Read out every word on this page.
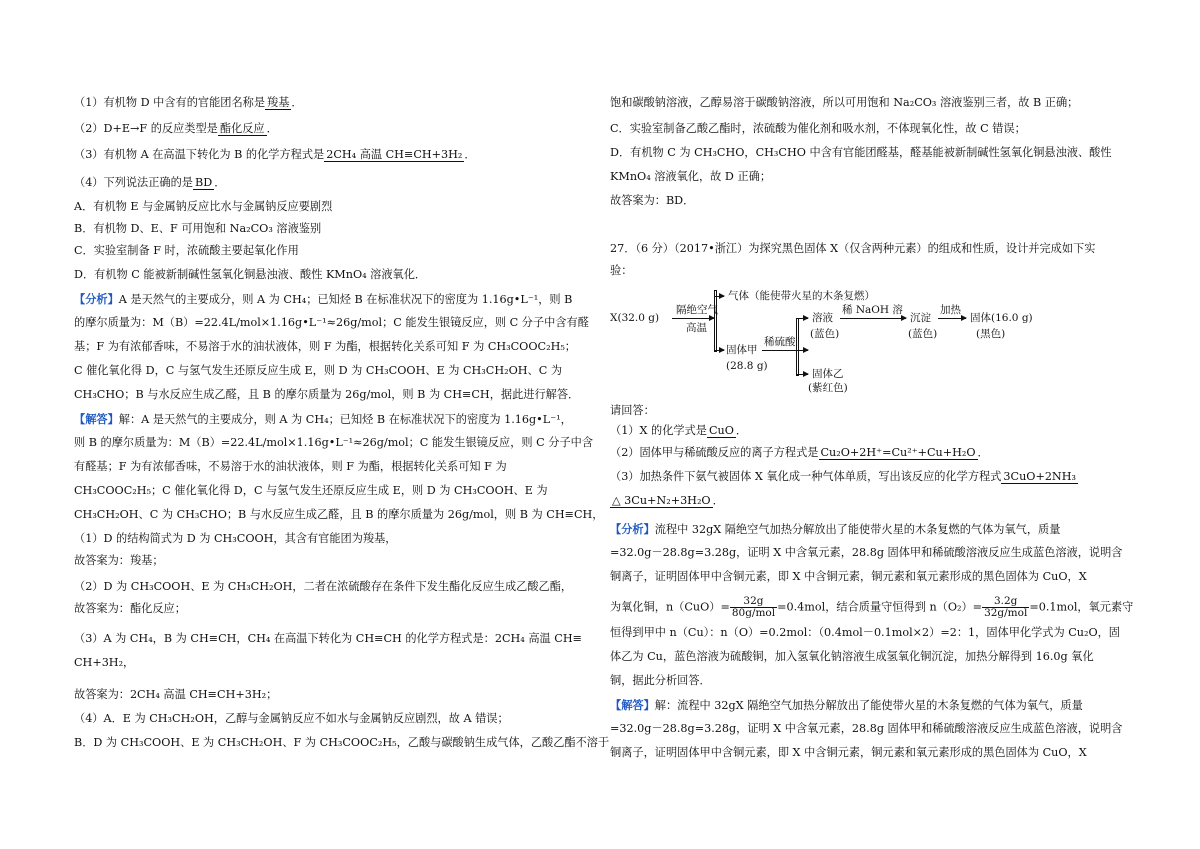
（1）有机物 D 中含有的官能团名称是 羧基 ．
（2）D+E→F 的反应类型是 酯化反应 ．
（3）有机物 A 在高温下转化为 B 的化学方程式是 2CH₄ 高温 CH≡CH+3H₂ ．
（4）下列说法正确的是 BD ．
A．有机物 E 与金属钠反应比水与金属钠反应要剧烈
B．有机物 D、E、F 可用饱和 Na₂CO₃ 溶液鉴别
C．实验室制备 F 时，浓硫酸主要起氧化作用
D．有机物 C 能被新制碱性氢氧化铜悬浊液、酸性 KMnO₄ 溶液氧化．
【分析】A 是天然气的主要成分，则 A 为 CH₄；已知烃 B 在标准状况下的密度为 1.16g•L⁻¹，则 B
的摩尔质量为：M（B）=22.4L/mol×1.16g•L⁻¹≈26g/mol；C 能发生银镜反应，则 C 分子中含有醛
基；F 为有浓郁香味，不易溶于水的油状液体，则 F 为酯，根据转化关系可知 F 为 CH₃COOC₂H₅；
C 催化氧化得 D，C 与氢气发生还原反应生成 E，则 D 为 CH₃COOH、E 为 CH₃CH₂OH、C 为
CH₃CHO；B 与水反应生成乙醛，且 B 的摩尔质量为 26g/mol，则 B 为 CH≡CH，据此进行解答．
【解答】解：A 是天然气的主要成分，则 A 为 CH₄；已知烃 B 在标准状况下的密度为 1.16g•L⁻¹，
则 B 的摩尔质量为：M（B）=22.4L/mol×1.16g•L⁻¹≈26g/mol；C 能发生银镜反应，则 C 分子中含
有醛基；F 为有浓郁香味，不易溶于水的油状液体，则 F 为酯，根据转化关系可知 F 为
CH₃COOC₂H₅；C 催化氧化得 D，C 与氢气发生还原反应生成 E，则 D 为 CH₃COOH、E 为
CH₃CH₂OH、C 为 CH₃CHO；B 与水反应生成乙醛，且 B 的摩尔质量为 26g/mol，则 B 为 CH≡CH，
（1）D 的结构简式为 D 为 CH₃COOH，其含有官能团为羧基，
故答案为：羧基；
（2）D 为 CH₃COOH、E 为 CH₃CH₂OH，二者在浓硫酸存在条件下发生酯化反应生成乙酸乙酯，
故答案为：酯化反应；
（3）A 为 CH₄，B 为 CH≡CH，CH₄ 在高温下转化为 CH≡CH 的化学方程式是：2CH₄ 高温 CH≡
CH+3H₂，
故答案为：2CH₄ 高温 CH≡CH+3H₂；
（4）A．E 为 CH₃CH₂OH，乙醇与金属钠反应不如水与金属钠反应剧烈，故 A 错误；
B．D 为 CH₃COOH、E 为 CH₃CH₂OH、F 为 CH₃COOC₂H₅，乙酸与碳酸钠生成气体，乙酸乙酯不溶于
饱和碳酸钠溶液，乙醇易溶于碳酸钠溶液，所以可用饱和 Na₂CO₃ 溶液鉴别三者，故 B 正确；
C．实验室制备乙酸乙酯时，浓硫酸为催化剂和吸水剂，不体现氧化性，故 C 错误；
D．有机物 C 为 CH₃CHO，CH₃CHO 中含有官能团醛基，醛基能被新制碱性氢氧化铜悬浊液、酸性
KMnO₄ 溶液氧化，故 D 正确；
故答案为：BD．
27．（6 分）（2017•浙江）为探究黑色固体 X（仅含两种元素）的组成和性质，设计并完成如下实
验：
请回答：
（1）X 的化学式是 CuO ．
（2）固体甲与稀硫酸反应的离子方程式是 Cu₂O+2H⁺=Cu²⁺+Cu+H₂O ．
（3）加热条件下氨气被固体 X 氧化成一种气体单质，写出该反应的化学方程式 3CuO+2NH₃
△ 3Cu+N₂+3H₂O ．
【分析】流程中 32gX 隔绝空气加热分解放出了能使带火星的木条复燃的气体为氧气，质量
=32.0g－28.8g=3.28g，证明 X 中含氧元素，28.8g 固体甲和稀硫酸溶液反应生成蓝色溶液，说明含
铜离子，证明固体甲中含铜元素，即 X 中含铜元素，铜元素和氧元素形成的黑色固体为 CuO，X
为氧化铜，$n(CuO)= \frac{32g}{\text{80g/mol}} =0.4mol$，结合质量守恒得到 $n(O_2)= \frac{3.2g}{\text{32g/mol}} =0.1mol$，氧元素守
恒得到甲中 n（Cu）：n（O）=0.2mol：（0.4mol－0.1mol×2）=2：1，固体甲化学式为 Cu₂O，固
体乙为 Cu，蓝色溶液为硫酸铜，加入氢氧化钠溶液生成氢氧化铜沉淀，加热分解得到 16.0g 氧化
铜，据此分析回答．
【解答】解：流程中 32gX 隔绝空气加热分解放出了能使带火星的木条复燃的气体为氧气，质量
=32.0g－28.8g=3.28g，证明 X 中含氧元素，28.8g 固体甲和稀硫酸溶液反应生成蓝色溶液，说明含
铜离子，证明固体甲中含铜元素，即 X 中含铜元素，铜元素和氧元素形成的黑色固体为 CuO，X
X(32.0 g)
隔绝空气
高温
气体（能使带火星的木条复燃）
固体甲
(28.8 g)
稀硫酸
溶液
(蓝色)
稀 NaOH 溶
沉淀
(蓝色)
加热
固体(16.0 g)
(黑色)
固体乙
(紫红色)
